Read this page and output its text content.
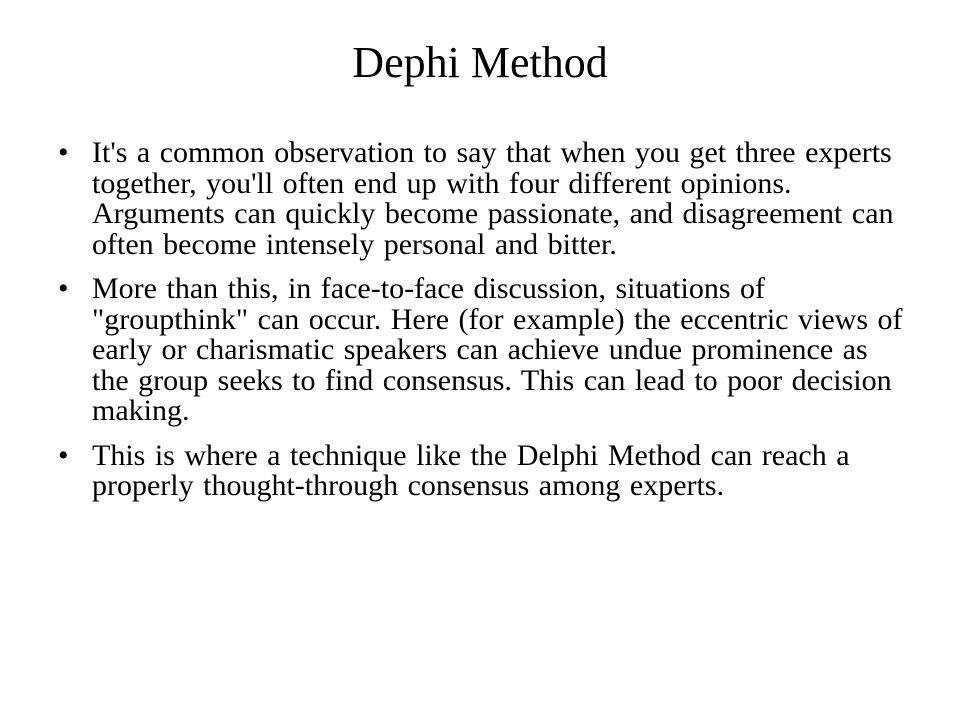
Dephi Method
• It's a common observation to say that when you get three experts together, you'll often end up with four different opinions. Arguments can quickly become passionate, and disagreement can often become intensely personal and bitter.
• More than this, in face-to-face discussion, situations of "groupthink" can occur. Here (for example) the eccentric views of early or charismatic speakers can achieve undue prominence as the group seeks to find consensus. This can lead to poor decision making.
• This is where a technique like the Delphi Method can reach a properly thought-through consensus among experts.
